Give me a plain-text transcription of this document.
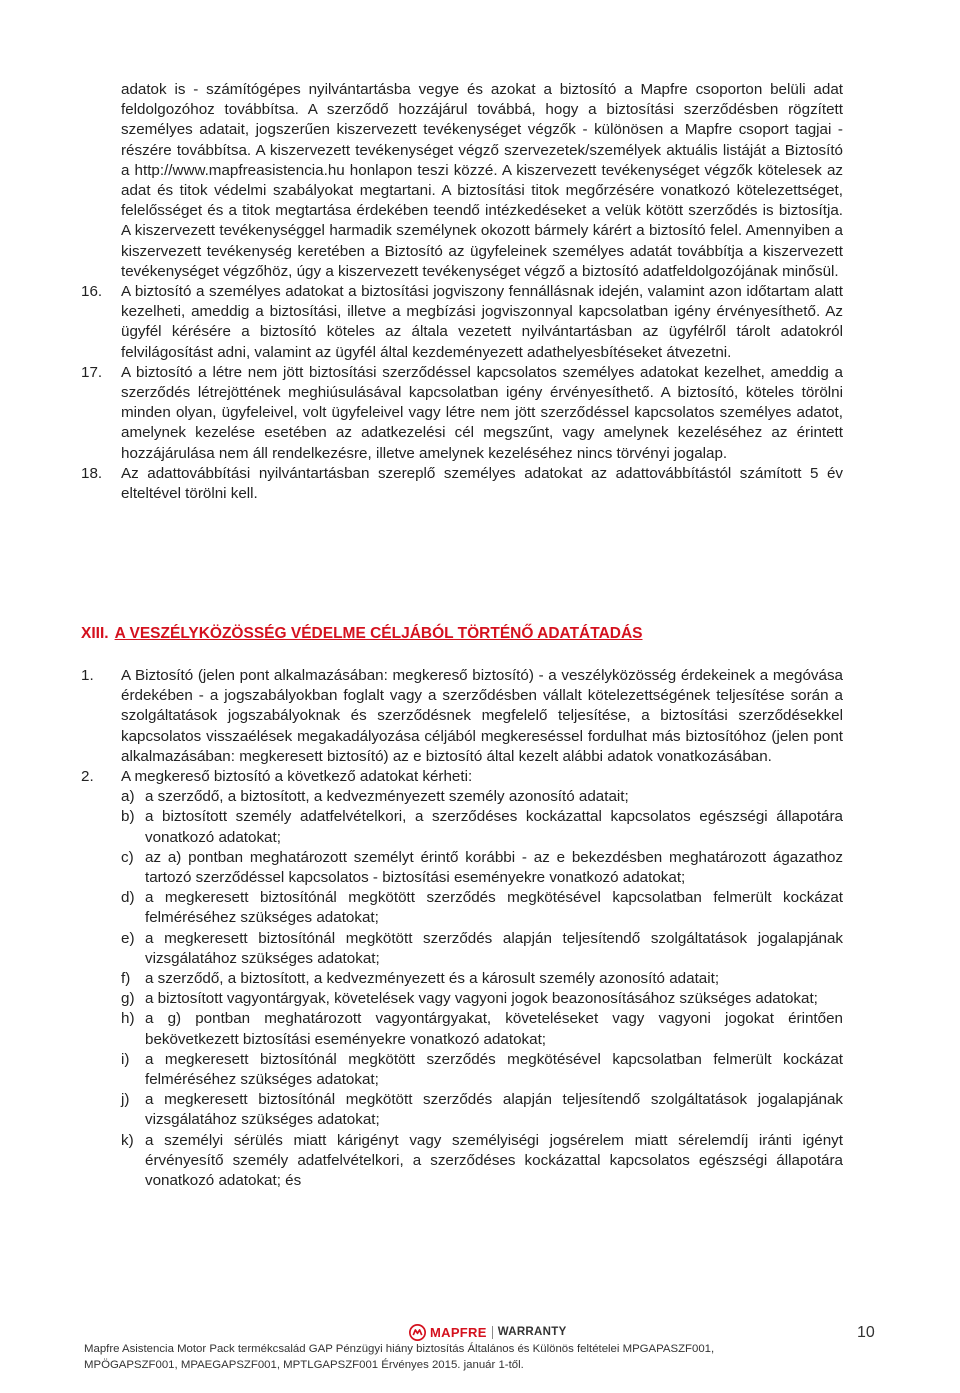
adatok is - számítógépes nyilvántartásba vegye és azokat a biztosító a Mapfre csoporton belüli adat feldolgozóhoz továbbítsa. A szerződő hozzájárul továbbá, hogy a biztosítási szerződésben rögzített személyes adatait, jogszerűen kiszervezett tevékenységet végzők - különösen a Mapfre csoport tagjai - részére továbbítsa. A kiszervezett tevékenységet végző szervezetek/személyek aktuális listáját a Biztosító a http://www.mapfreasistencia.hu honlapon teszi közzé. A kiszervezett tevékenységet végzők kötelesek az adat és titok védelmi szabályokat megtartani. A biztosítási titok megőrzésére vonatkozó kötelezettséget, felelősséget és a titok megtartása érdekében teendő intézkedéseket a velük kötött szerződés is biztosítja. A kiszervezett tevékenységgel harmadik személynek okozott bármely kárért a biztosító felel. Amennyiben a kiszervezett tevékenység keretében a Biztosító az ügyfeleinek személyes adatát továbbítja a kiszervezett tevékenységet végzőhöz, úgy a kiszervezett tevékenységet végző a biztosító adatfeldolgozójának minősül.

16. A biztosító a személyes adatokat a biztosítási jogviszony fennállásnak idején, valamint azon időtartam alatt kezelheti, ameddig a biztosítási, illetve a megbízási jogviszonnyal kapcsolatban igény érvényesíthető. Az ügyfél kérésére a biztosító köteles az általa vezetett nyilvántartásban az ügyfélről tárolt adatokról felvilágosítást adni, valamint az ügyfél által kezdeményezett adathelyesbítéseket átvezetni.
17. A biztosító a létre nem jött biztosítási szerződéssel kapcsolatos személyes adatokat kezelhet, ameddig a szerződés létrejöttének meghiúsulásával kapcsolatban igény érvényesíthető. A biztosító, köteles törölni minden olyan, ügyfeleivel, volt ügyfeleivel vagy létre nem jött szerződéssel kapcsolatos személyes adatot, amelynek kezelése esetében az adatkezelési cél megszűnt, vagy amelynek kezeléséhez az érintett hozzájárulása nem áll rendelkezésre, illetve amelynek kezeléséhez nincs törvényi jogalap.
18. Az adattovábbítási nyilvántartásban szereplő személyes adatokat az adattovábbítástól számított 5 év elteltével törölni kell.
XIII. A VESZÉLYKÖZÖSSÉG VÉDELME CÉLJÁBÓL TÖRTÉNŐ ADATÁTADÁS
1. A Biztosító (jelen pont alkalmazásában: megkereső biztosító) - a veszélyközösség érdekeinek a megóvása érdekében - a jogszabályokban foglalt vagy a szerződésben vállalt kötelezettségének teljesítése során a szolgáltatások jogszabályoknak és szerződésnek megfelelő teljesítése, a biztosítási szerződésekkel kapcsolatos visszaélések megakadályozása céljából megkereséssel fordulhat más biztosítóhoz (jelen pont alkalmazásában: megkeresett biztosító) az e biztosító által kezelt alábbi adatok vonatkozásában.
2. A megkereső biztosító a következő adatokat kérheti:
a) a szerződő, a biztosított, a kedvezményezett személy azonosító adatait;
b) a biztosított személy adatfelvételkori, a szerződéses kockázattal kapcsolatos egészségi állapotára vonatkozó adatokat;
c) az a) pontban meghatározott személyt érintő korábbi - az e bekezdésben meghatározott ágazathoz tartozó szerződéssel kapcsolatos - biztosítási eseményekre vonatkozó adatokat;
d) a megkeresett biztosítónál megkötött szerződés megkötésével kapcsolatban felmerült kockázat felméréséhez szükséges adatokat;
e) a megkeresett biztosítónál megkötött szerződés alapján teljesítendő szolgáltatások jogalapjának vizsgálatához szükséges adatokat;
f) a szerződő, a biztosított, a kedvezményezett és a károsult személy azonosító adatait;
g) a biztosított vagyontárgyak, követelések vagy vagyoni jogok beazonosításához szükséges adatokat;
h) a g) pontban meghatározott vagyontárgyakat, követeléseket vagy vagyoni jogokat érintően bekövetkezett biztosítási eseményekre vonatkozó adatokat;
i) a megkeresett biztosítónál megkötött szerződés megkötésével kapcsolatban felmerült kockázat felméréséhez szükséges adatokat;
j) a megkeresett biztosítónál megkötött szerződés alapján teljesítendő szolgáltatások jogalapjának vizsgálatához szükséges adatokat;
k) a személyi sérülés miatt kárigényt vagy személyiségi jogsérelem miatt sérelemdíj iránti igényt érvényesítő személy adatfelvételkori, a szerződéses kockázattal kapcsolatos egészségi állapotára vonatkozó adatokat; és
MAPFRE WARRANTY	10
Mapfre Asistencia Motor Pack termékcsalád GAP Pénzügyi hiány biztosítás Általános és Különös feltételei MPGAPASZF001,
MPÖGAPSZF001, MPAEGAPSZF001, MPTLGAPSZF001 Érvényes 2015. január 1-től.
